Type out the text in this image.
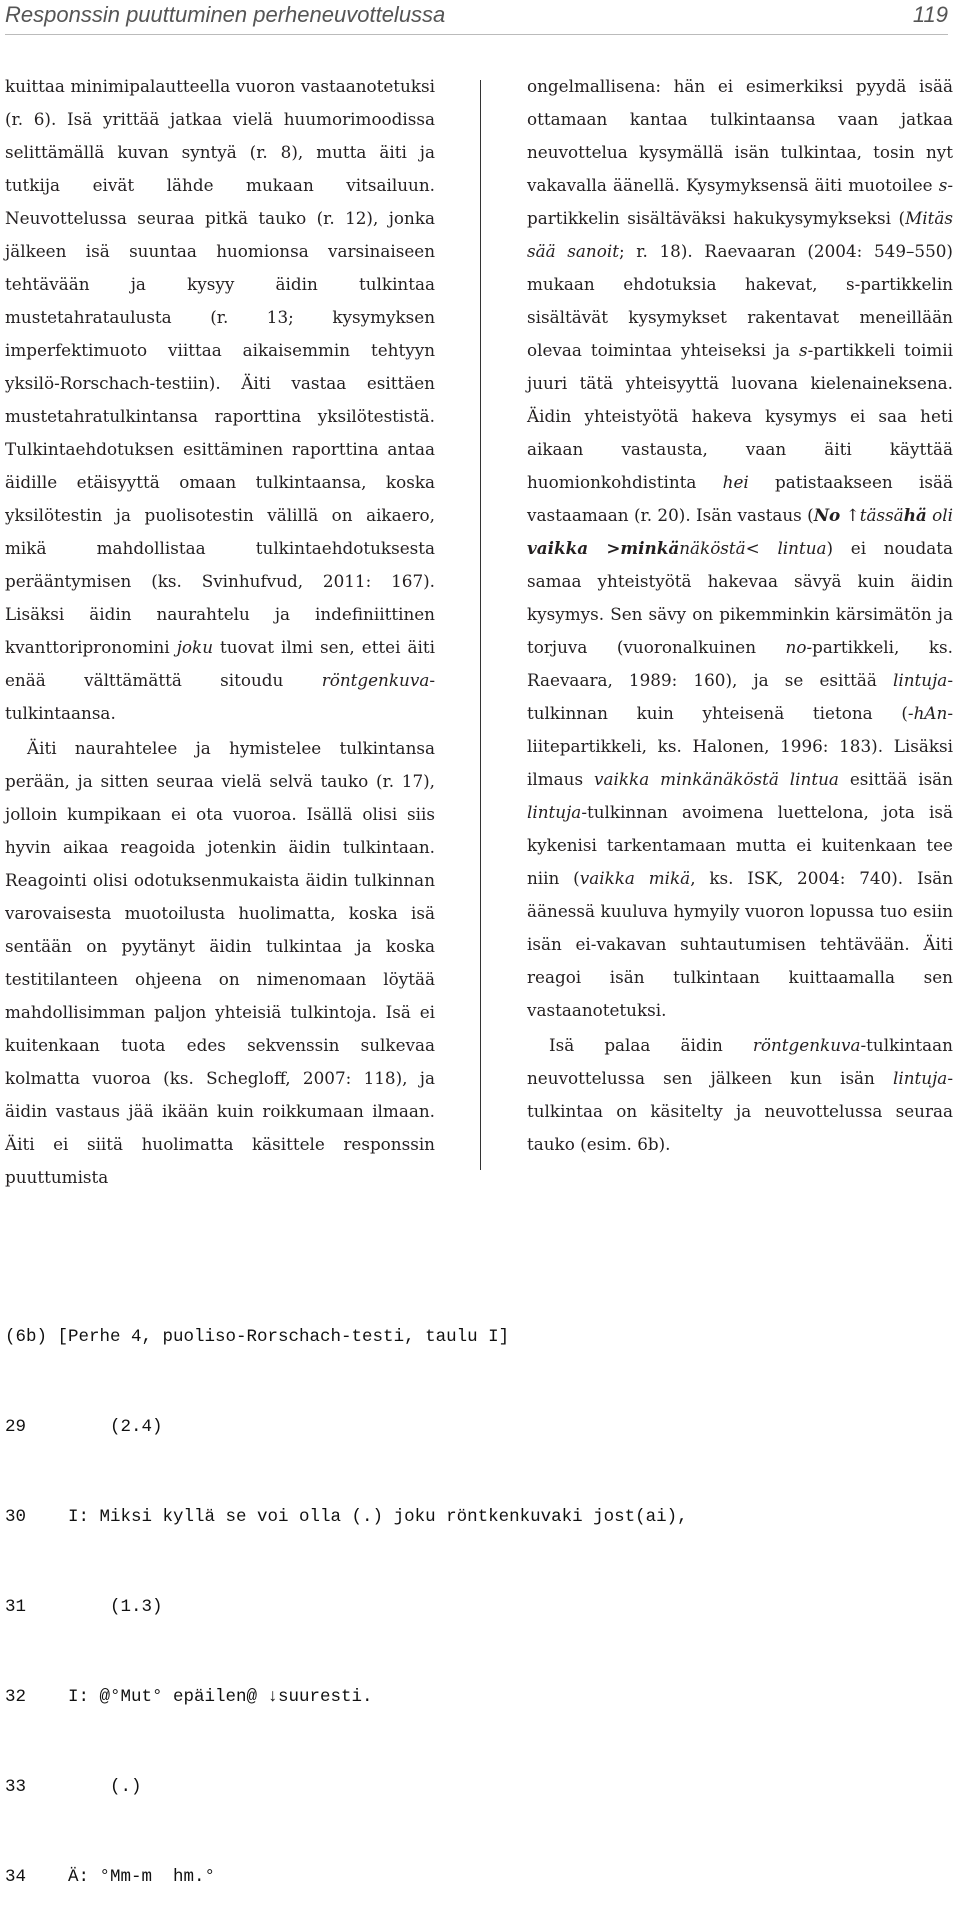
Responssin puuttuminen perheneuvottelussa	119

kuittaa minimipalautteella vuoron vastaanotetuksi (r. 6). Isä yrittää jatkaa vielä huumorimoodissa selittämällä kuvan syntyä (r. 8), mutta äiti ja tutkija eivät lähde mukaan vitsailuun. Neuvottelussa seuraa pitkä tauko (r. 12), jonka jälkeen isä suuntaa huomionsa varsinaiseen tehtävään ja kysyy äidin tulkintaa mustetahrataulusta (r. 13; kysymyksen imperfektimuoto viittaa aikaisemmin tehtyyn yksilö-Rorschach-testiin). Äiti vastaa esittäen mustetahratulkintansa raporttina yksilötestistä. Tulkintaehdotuksen esittäminen raporttina antaa äidille etäisyyttä omaan tulkintaansa, koska yksilötestin ja puolisotestin välillä on aikaero, mikä mahdollistaa tulkintaehdotuksesta perääntymisen (ks. Svinhufvud, 2011: 167). Lisäksi äidin naurahtelu ja indefiniittinen kvanttoripronomini joku tuovat ilmi sen, ettei äiti enää välttämättä sitoudu röntgenkuva-tulkintaansa.

Äiti naurahtelee ja hymistelee tulkintansa perään, ja sitten seuraa vielä selvä tauko (r. 17), jolloin kumpikaan ei ota vuoroa. Isällä olisi siis hyvin aikaa reagoida jotenkin äidin tulkintaan. Reagointi olisi odotuksenmukaista äidin tulkinnan varovaisesta muotoilusta huolimatta, koska isä sentään on pyytänyt äidin tulkintaa ja koska testitilanteen ohjeena on nimenomaan löytää mahdollisimman paljon yhteisiä tulkintoja. Isä ei kuitenkaan tuota edes sekvenssin sulkevaa kolmatta vuoroa (ks. Schegloff, 2007: 118), ja äidin vastaus jää ikään kuin roikkumaan ilmaan. Äiti ei siitä huolimatta käsittele responssin puuttumista

ongelmallisena: hän ei esimerkiksi pyydä isää ottamaan kantaa tulkintaansa vaan jatkaa neuvottelua kysymällä isän tulkintaa, tosin nyt vakavalla äänellä. Kysymyksensä äiti muotoilee s-partikkelin sisältäväksi hakukysymykseksi (Mitäs sää sanoit; r. 18). Raevaaran (2004: 549–550) mukaan ehdotuksia hakevat, s-partikkelin sisältävät kysymykset rakentavat meneillään olevaa toimintaa yhteiseksi ja s-partikkeli toimii juuri tätä yhteisyyttä luovana kielenaineksena. Äidin yhteistyötä hakeva kysymys ei saa heti aikaan vastausta, vaan äiti käyttää huomionkohdistinta hei patistaakseen isää vastaamaan (r. 20). Isän vastaus (No ↑tässähä oli vaikka >minkänäköstä< lintua) ei noudata samaa yhteistyötä hakevaa sävyä kuin äidin kysymys. Sen sävy on pikemminkin kärsimätön ja torjuva (vuoronalkuinen no-partikkeli, ks. Raevaara, 1989: 160), ja se esittää lintuja-tulkinnan kuin yhteisenä tietona (-hAn-liitepartikkeli, ks. Halonen, 1996: 183). Lisäksi ilmaus vaikka minkänäköstä lintua esittää isän lintuja-tulkinnan avoimena luettelona, jota isä kykenisi tarkentamaan mutta ei kuitenkaan tee niin (vaikka mikä, ks. ISK, 2004: 740). Isän äänessä kuuluva hymyily vuoron lopussa tuo esiin isän ei-vakavan suhtautumisen tehtävään. Äiti reagoi isän tulkintaan kuittaamalla sen vastaanotetuksi.

Isä palaa äidin röntgenkuva-tulkintaan neuvottelussa sen jälkeen kun isän lintuja-tulkintaa on käsitelty ja neuvottelussa seuraa tauko (esim. 6b).

(6b) [Perhe 4, puoliso-Rorschach-testi, taulu I]

29        (2.4)

30    I: Miksi kyllä se voi olla (.) joku röntkenkuvaki jost(ai),

31        (1.3)

32    I: @°Mut° epäilen@ ↓suuresti.

33        (.)

34    Ä: °Mm-m  hm.°
